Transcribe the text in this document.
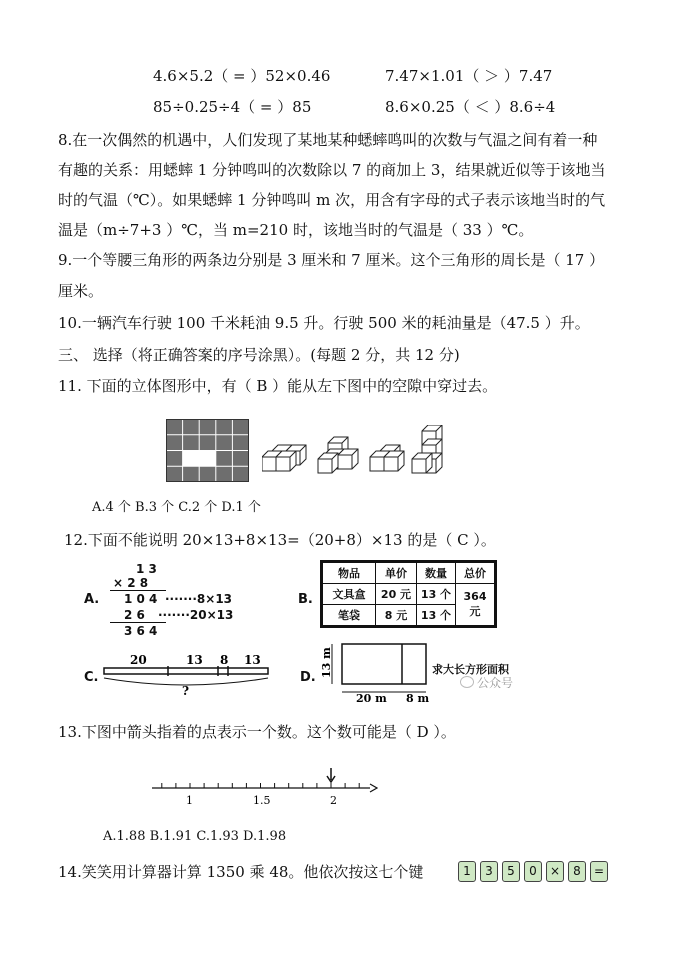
4.6×5.2（ = ）52×0.46	7.47×1.01（ ＞ ）7.47
85÷0.25÷4（ = ）85	8.6×0.25（ ＜ ）8.6÷4
8.在一次偶然的机遇中，人们发现了某地某种蟋蟀鸣叫的次数与气温之间有着一种
有趣的关系：用蟋蟀 1 分钟鸣叫的次数除以 7 的商加上 3，结果就近似等于该地当
时的气温（℃）。如果蟋蟀 1 分钟鸣叫 m 次，用含有字母的式子表示该地当时的气
温是（m÷7+3 ）℃，当 m=210 时，该地当时的气温是（ 33 ）℃。
9.一个等腰三角形的两条边分别是 3 厘米和 7 厘米。这个三角形的周长是（ 17 ）
厘米。
10.一辆汽车行驶 100 千米耗油 9.5 升。行驶 500 米的耗油量是（47.5 ）升。
三、 选择（将正确答案的序号涂黑）。(每题 2 分，共 12 分)
11. 下面的立体图形中，有（ B ）能从左下图中的空隙中穿过去。
A.4 个 B.3 个 C.2 个 D.1 个
12.下面不能说明 20×13+8×13=（20+8）×13 的是（ C ）。
A.
1 3
× 2 8
1 0 4
2 6
3 6 4
·······8×13
·······20×13
B.
物品	单价	数量	总价
文具盒	20 元	13 个	364 元
笔袋	8 元	13 个	
C.
20	13 8 13
?
D. 13 m
20 m 8 m
求大长方形面积
公众号
13.下图中箭头指着的点表示一个数。这个数可能是（ D ）。
1	1.5	2
A.1.88 B.1.91 C.1.93 D.1.98
14.笑笑用计算器计算 1350 乘 48。他依次按这七个键	1	3	5	0	×	8	=
